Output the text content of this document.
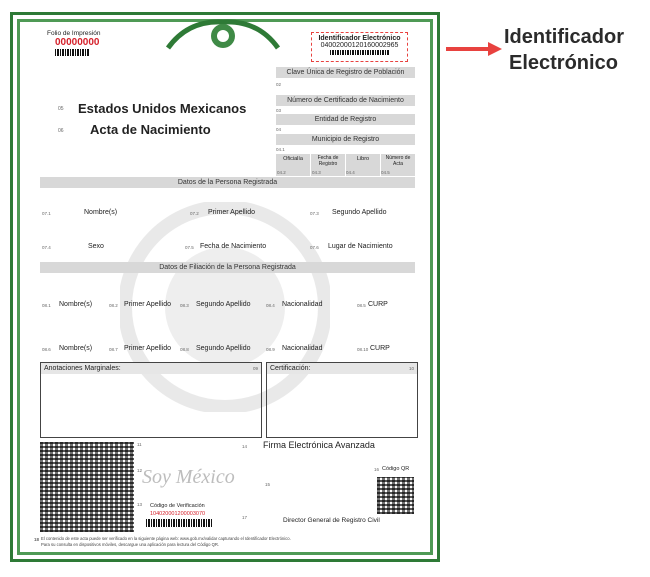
Identificador
Electrónico
Folio de Impresión
00000000	Identificador Electrónico
04002000120160002965
Clave Única de Registro de Población
02
Número de Certificado de Nacimiento
03
Entidad de Registro
04
Municipio de Registro
04.1
Oficialía	Fecha de Registro
Libro	Número de Acta
04.2	04.3	04.4	04.5
05 Estados Unidos Mexicanos
06 Acta de Nacimiento
Datos de la Persona Registrada
07.1	Nombre(s)	07.2 Primer Apellido	07.3 Segundo Apellido
07.4	Sexo	07.5 Fecha de Nacimiento	07.6 Lugar de Nacimiento
Datos de Filiación de la Persona Registrada
08.1 Nombre(s)	08.2 Primer Apellido 08.3 Segundo Apellido	08.4 Nacionalidad	08.5 CURP
08.6 Nombre(s)	08.7 Primer Apellido 08.8 Segundo Apellido	08.9 Nacionalidad	08.10 CURP
Anotaciones Marginales:	09	Certificación:	10
11
12
13
14 Firma Electrónica Avanzada
Soy México	15
16 Código QR
Código de Verificación
104020001200003070
17	Director General de Registro Civil
18 El contenido de este acta puede ser verificado en la siguiente página web: www.gob.mx/validar capturando el Identificador Electrónico.
Para su consulta en dispositivos móviles, descargue una aplicación para lectura del Código QR.
